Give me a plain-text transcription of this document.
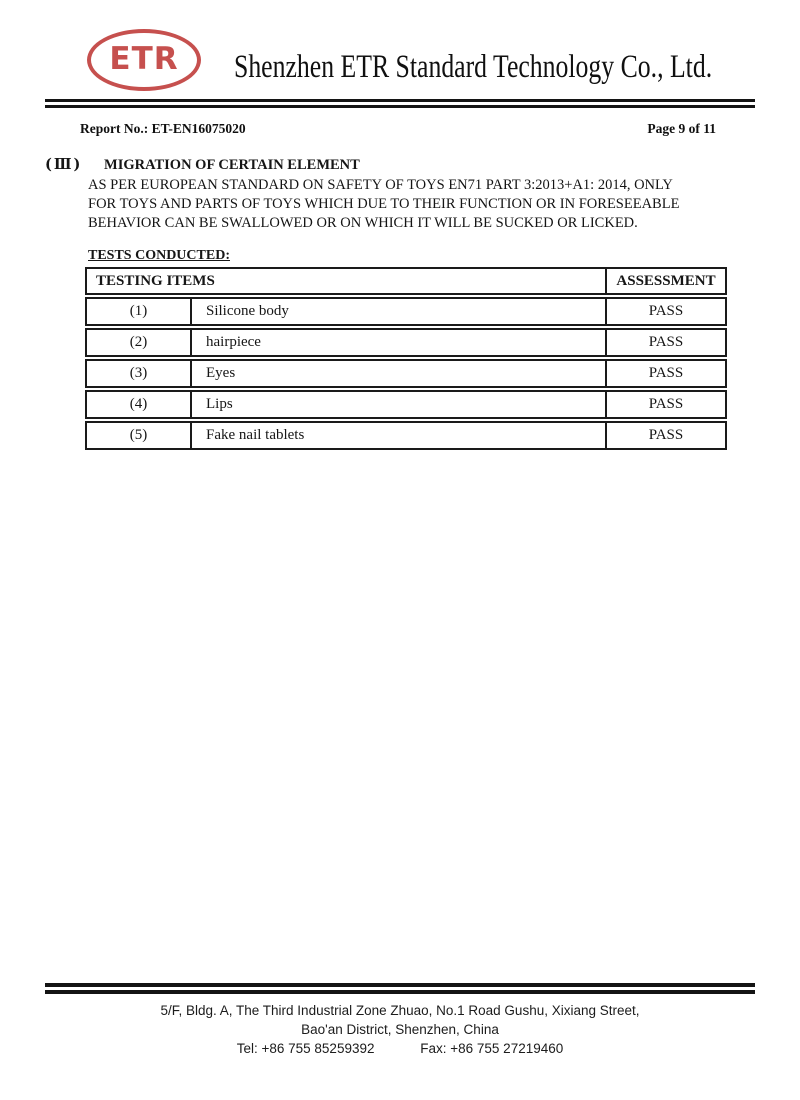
ETR Shenzhen ETR Standard Technology Co., Ltd.
Report No.: ET-EN16075020	Page 9 of 11
(Ⅲ) MIGRATION OF CERTAIN ELEMENT
AS PER EUROPEAN STANDARD ON SAFETY OF TOYS EN71 PART 3:2013+A1: 2014, ONLY
FOR TOYS AND PARTS OF TOYS WHICH DUE TO THEIR FUNCTION OR IN FORESEEABLE
BEHAVIOR CAN BE SWALLOWED OR ON WHICH IT WILL BE SUCKED OR LICKED.
TESTS CONDUCTED:
TESTING ITEMS	ASSESSMENT
(1)	Silicone body	PASS
(2)	hairpiece	PASS
(3)	Eyes	PASS
(4)	Lips	PASS
(5)	Fake nail tablets	PASS
5/F, Bldg. A, The Third Industrial Zone Zhuao, No.1 Road Gushu, Xixiang Street,
Bao'an District, Shenzhen, China
Tel: +86 755 85259392	Fax: +86 755 27219460
